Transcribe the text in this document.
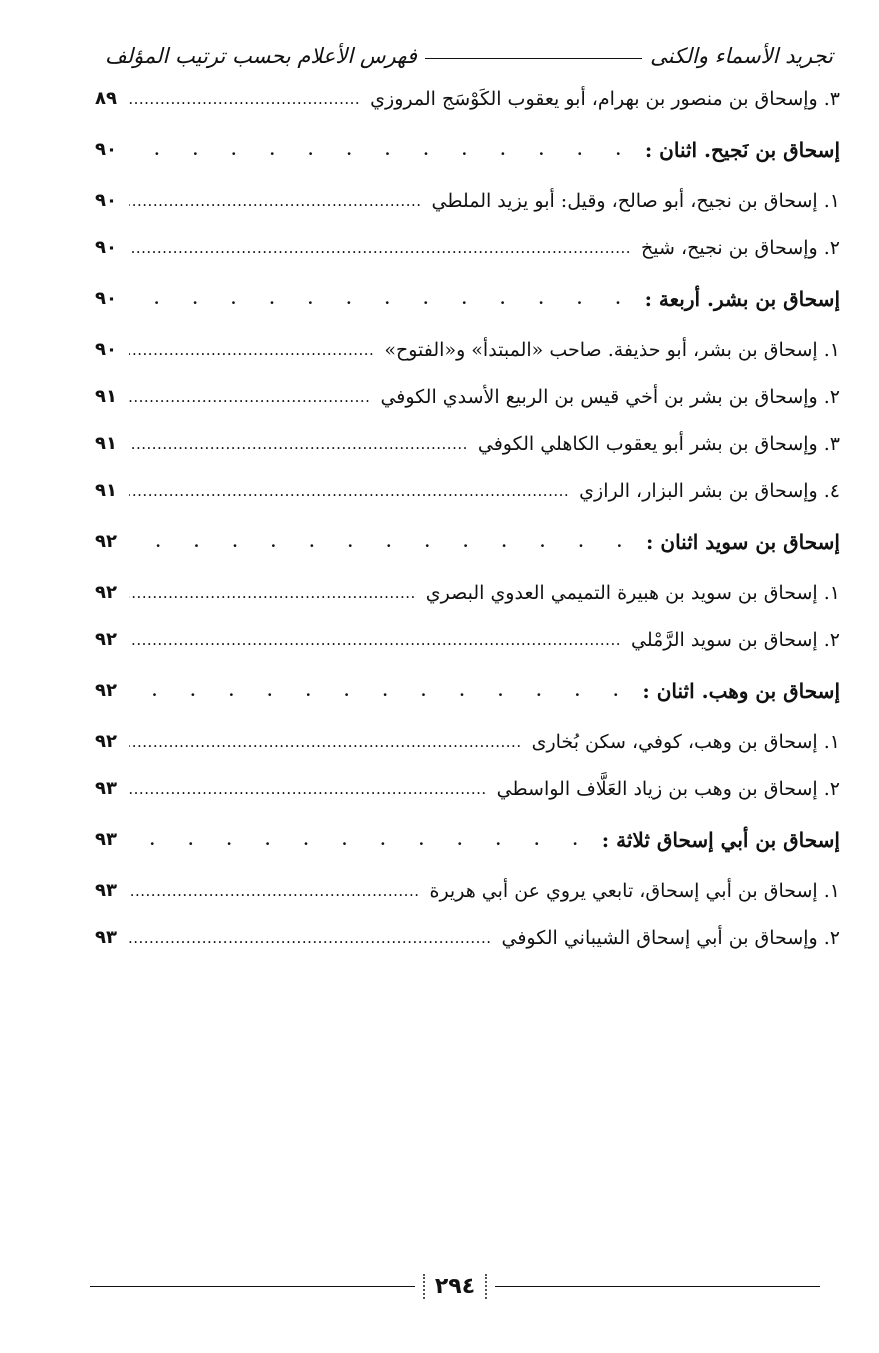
تجريد الأسماء والكنى
فهرس الأعلام بحسب ترتيب المؤلف
٣. وإسحاق بن منصور بن بهرام، أبو يعقوب الكَوْسَج المروزي
.....
٨٩
إسحاق بن نَجيح. اثنان :
. . .
٩٠
١. إسحاق بن نجيح، أبو صالح، وقيل: أبو يزيد الملطي
.....
٩٠
٢. وإسحاق بن نجيح، شيخ
.....
٩٠
إسحاق بن بشر. أربعة :
. . .
٩٠
١. إسحاق بن بشر، أبو حذيفة. صاحب «المبتدأ» و«الفتوح»
.....
٩٠
٢. وإسحاق بن بشر بن أخي قيس بن الربيع الأسدي الكوفي
.....
٩١
٣. وإسحاق بن بشر أبو يعقوب الكاهلي الكوفي
.....
٩١
٤. وإسحاق بن بشر البزار، الرازي
.....
٩١
إسحاق بن سويد اثنان :
. . .
٩٢
١. إسحاق بن سويد بن هبيرة التميمي العدوي البصري
.....
٩٢
٢. إسحاق بن سويد الرَّمْلي
.....
٩٢
إسحاق بن وهب. اثنان :
. . .
٩٢
١. إسحاق بن وهب، كوفي، سكن بُخارى
.....
٩٢
٢. إسحاق بن وهب بن زياد العَلَّاف الواسطي
.....
٩٣
إسحاق بن أبي إسحاق ثلاثة :
. . .
٩٣
١. إسحاق بن أبي إسحاق، تابعي يروي عن أبي هريرة
.....
٩٣
٢. وإسحاق بن أبي إسحاق الشيباني الكوفي
.....
٩٣
٢٩٤
